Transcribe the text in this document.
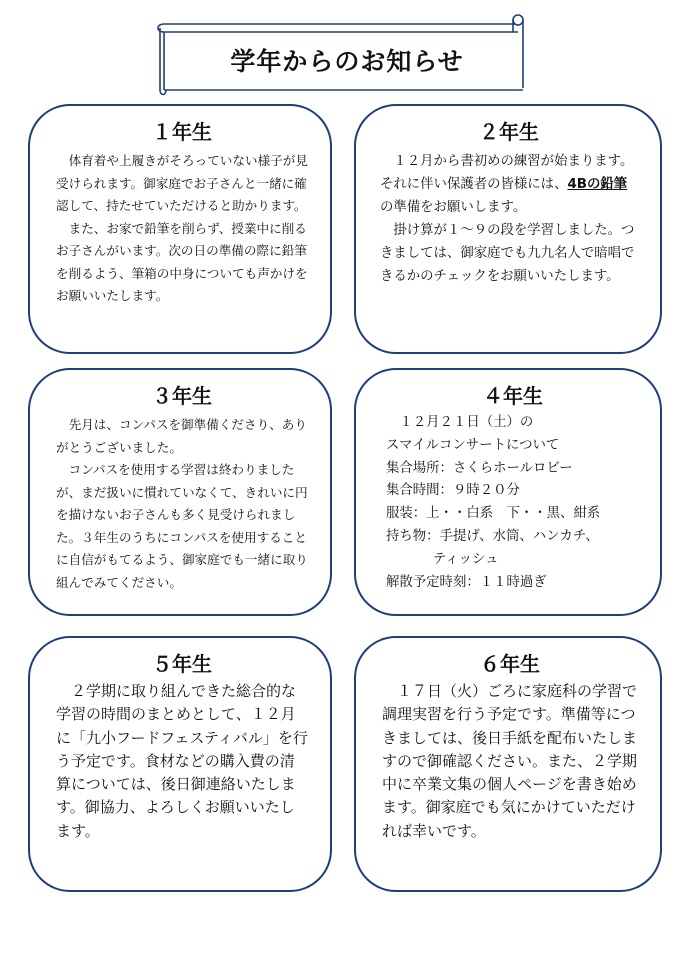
学年からのお知らせ
１年生

体育着や上履きがそろっていない様子が見受けられます。御家庭でお子さんと一緒に確認して、持たせていただけると助かります。

また、お家で鉛筆を削らず、授業中に削るお子さんがいます。次の日の準備の際に鉛筆を削るよう、筆箱の中身についても声かけをお願いいたします。

２年生

１２月から書初めの練習が始まります。それに伴い保護者の皆様には、4Bの鉛筆の準備をお願いします。

掛け算が１～９の段を学習しました。つきましては、御家庭でも九九名人で暗唱できるかのチェックをお願いいたします。

３年生

先月は、コンパスを御準備くださり、ありがとうございました。

コンパスを使用する学習は終わりましたが、まだ扱いに慣れていなくて、きれいに円を描けないお子さんも多く見受けられました。３年生のうちにコンパスを使用することに自信がもてるよう、御家庭でも一緒に取り組んでみてください。

４年生

１２月２１日（土）の

スマイルコンサートについて

集合場所：さくらホールロビー

集合時間：９時２０分

服装：上・・白系　下・・黒、紺系

持ち物：手提げ、水筒、ハンカチ、

ティッシュ

解散予定時刻：１１時過ぎ

５年生

２学期に取り組んできた総合的な学習の時間のまとめとして、１２月に「九小フードフェスティバル」を行う予定です。食材などの購入費の清算については、後日御連絡いたします。御協力、よろしくお願いいたします。

６年生

１７日（火）ごろに家庭科の学習で調理実習を行う予定です。準備等につきましては、後日手紙を配布いたしますので御確認ください。また、２学期中に卒業文集の個人ページを書き始めます。御家庭でも気にかけていただければ幸いです。
